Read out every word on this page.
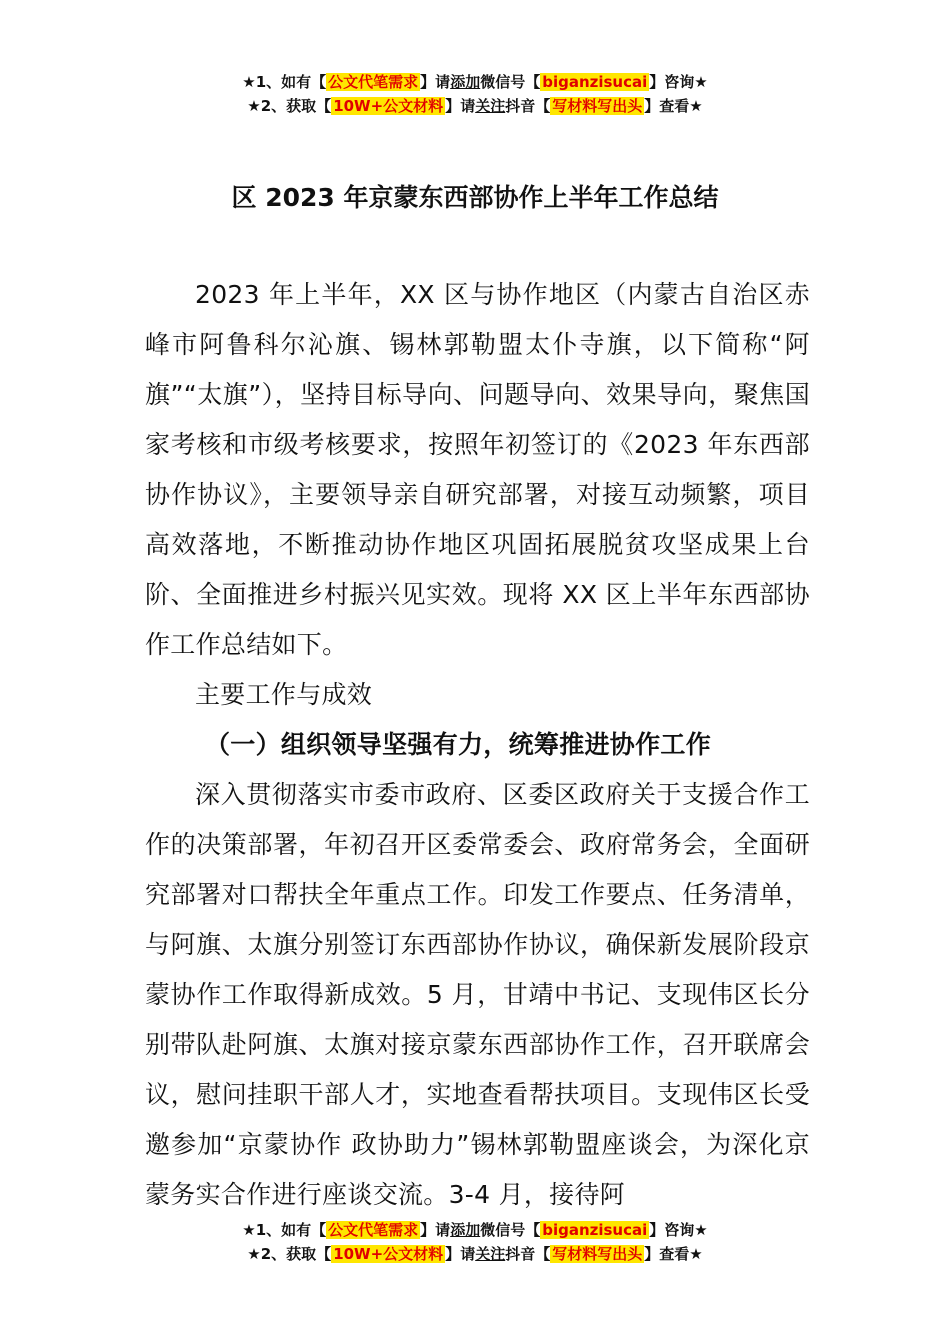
★1、如有【 公文代笔需求 】请添加微信号【 biganzisucai 】咨询★
★2、获取【 10W+公文材料 】请关注抖音【 写材料写出头 】查看★
区 2023 年京蒙东西部协作上半年工作总结

2023 年上半年，XX 区与协作地区（内蒙古自治区赤峰市阿鲁科尔沁旗、锡林郭勒盟太仆寺旗，以下简称“阿旗”“太旗”），坚持目标导向、问题导向、效果导向，聚焦国家考核和市级考核要求，按照年初签订的《2023 年东西部协作协议》，主要领导亲自研究部署，对接互动频繁，项目高效落地，不断推动协作地区巩固拓展脱贫攻坚成果上台阶、全面推进乡村振兴见实效。现将 XX 区上半年东西部协作工作总结如下。

主要工作与成效

（一）组织领导坚强有力，统筹推进协作工作

深入贯彻落实市委市政府、区委区政府关于支援合作工作的决策部署，年初召开区委常委会、政府常务会，全面研究部署对口帮扶全年重点工作。印发工作要点、任务清单，与阿旗、太旗分别签订东西部协作协议，确保新发展阶段京蒙协作工作取得新成效。5 月，甘靖中书记、支现伟区长分别带队赴阿旗、太旗对接京蒙东西部协作工作，召开联席会议，慰问挂职干部人才，实地查看帮扶项目。支现伟区长受邀参加“京蒙协作 政协助力”锡林郭勒盟座谈会，为深化京蒙务实合作进行座谈交流。3-4 月，接待阿

★1、如有【 公文代笔需求 】请添加微信号【 biganzisucai 】咨询★
★2、获取【 10W+公文材料 】请关注抖音【 写材料写出头 】查看★
